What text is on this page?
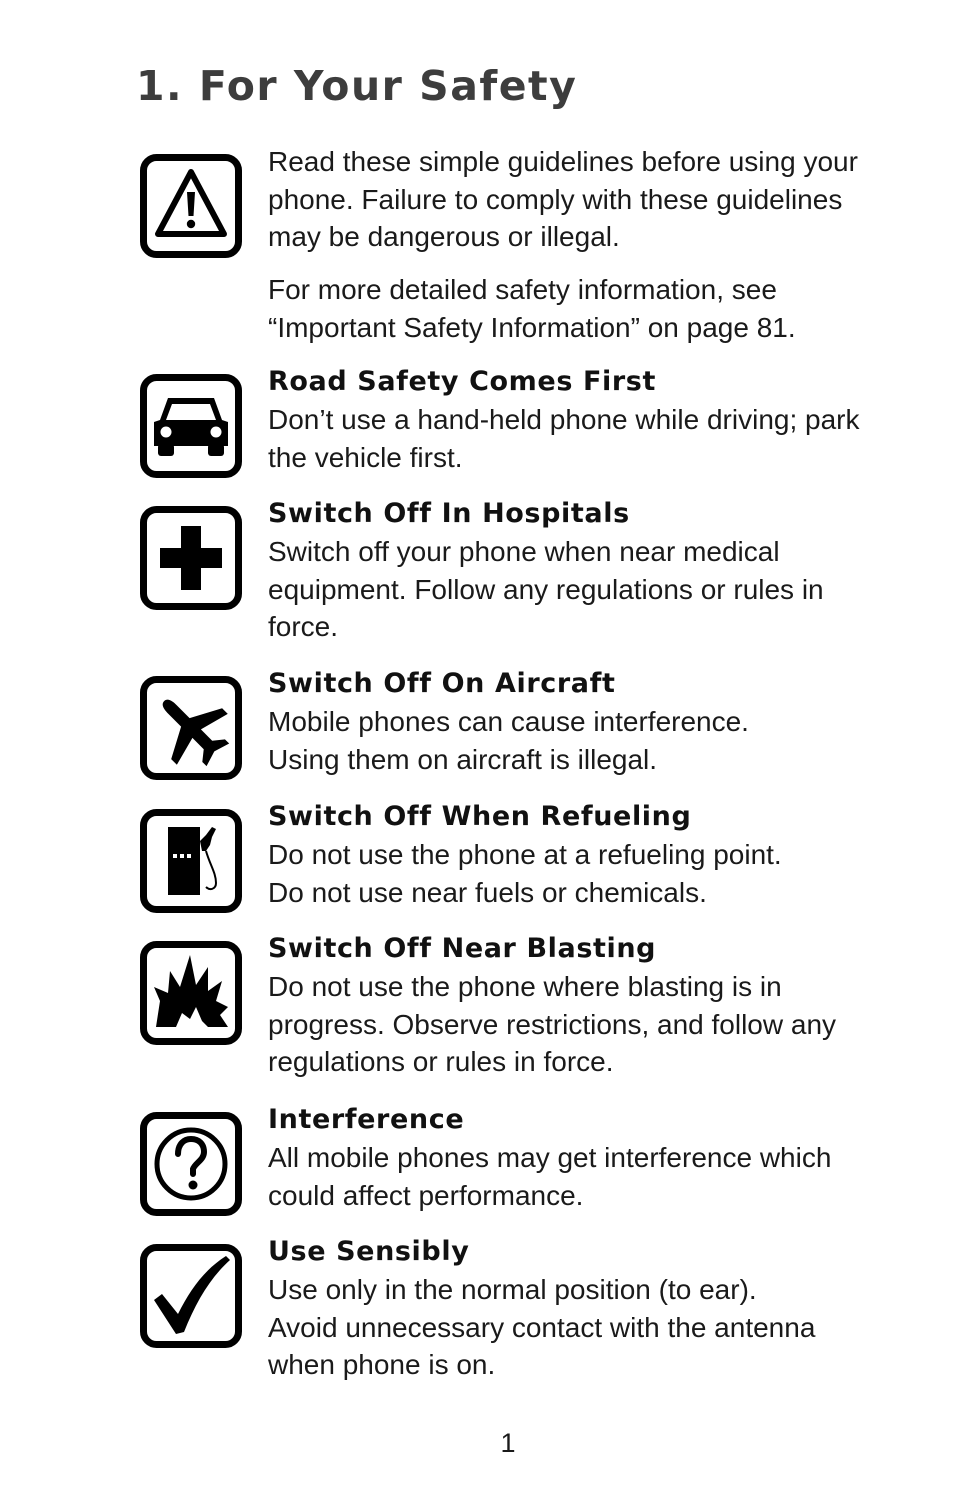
1. For Your Safety

Read these simple guidelines before using your

phone. Failure to comply with these guidelines

may be dangerous or illegal.

For more detailed safety information, see

“Important Safety Information” on page 81.

Road Safety Comes First

Don’t use a hand-held phone while driving; park

the vehicle first.

Switch Off In Hospitals

Switch off your phone when near medical

equipment. Follow any regulations or rules in

force.

Switch Off On Aircraft

Mobile phones can cause interference.

Using them on aircraft is illegal.

Switch Off When Refueling

Do not use the phone at a refueling point.

Do not use near fuels or chemicals.

Switch Off Near Blasting

Do not use the phone where blasting is in

progress. Observe restrictions, and follow any

regulations or rules in force.

Interference

All mobile phones may get interference which

could affect performance.

Use Sensibly

Use only in the normal position (to ear).

Avoid unnecessary contact with the antenna

when phone is on.

1
